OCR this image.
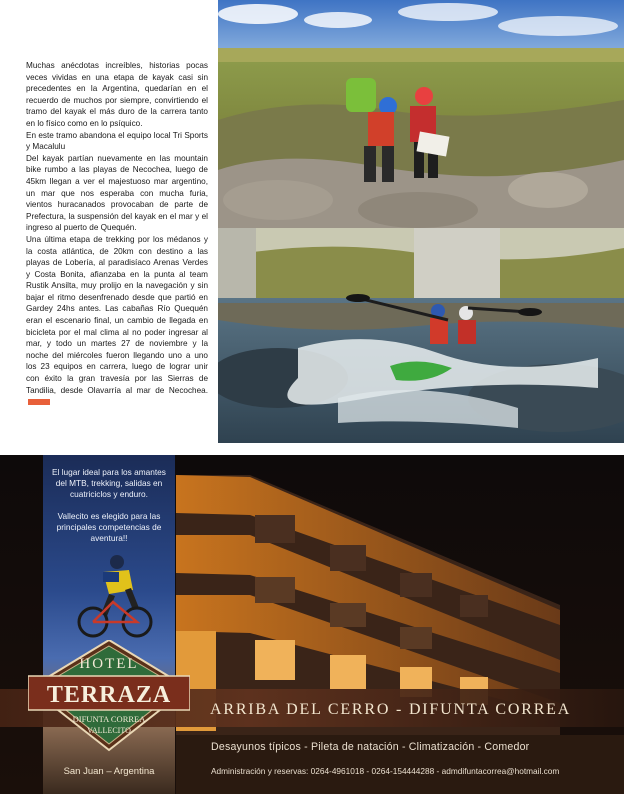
Muchas anécdotas increíbles, historias pocas veces vividas en una etapa de kayak casi sin precedentes en la Argentina, quedarían en el recuerdo de muchos por siempre, convirtiendo el tramo del kayak el más duro de la carrera tanto en lo físico como en lo psíquico.

En este tramo abandona el equipo local Tri Sports y Macalulu

Del kayak partían nuevamente en las mountain bike rumbo a las playas de Necochea, luego de 45km llegan a ver el majestuoso mar argentino, un mar que nos esperaba con mucha furia, vientos huracanados provocaban de parte de Prefectura, la suspensión del kayak en el mar y el ingreso al puerto de Quequén.

Una última etapa de trekking por los médanos y la costa atlántica, de 20km con destino a las playas de Lobería, al paradisíaco Arenas Verdes y Costa Bonita, afianzaba en la punta al team Rustik Ansilta, muy prolijo en la navegación y sin bajar el ritmo desenfrenado desde que partió en Gardey 24hs antes. Las cabañas Río Quequén eran el escenario final, un cambio de llegada en bicicleta por el mal clima al no poder ingresar al mar, y todo un martes 27 de noviembre y la noche del miércoles fueron llegando uno a uno los 23 equipos en carrera, luego de lograr unir con éxito la gran travesía por las Sierras de Tandilia, desde Olavarría al mar de Necochea.

El lugar ideal para los amantes del MTB, trekking, salidas en cuatriciclos y enduro.
Vallecito es elegido para las principales competencias de aventura!!
ARRIBA DEL CERRO - DIFUNTA CORREA
HOTEL
TERRAZA
DIFUNTA CORREA
VALLECITO
Desayunos típicos - Pileta de natación - Climatización - Comedor
Administración y reservas: 0264-4961018 - 0264-154444288 - admdifuntacorrea@hotmail.com
San Juan – Argentina
